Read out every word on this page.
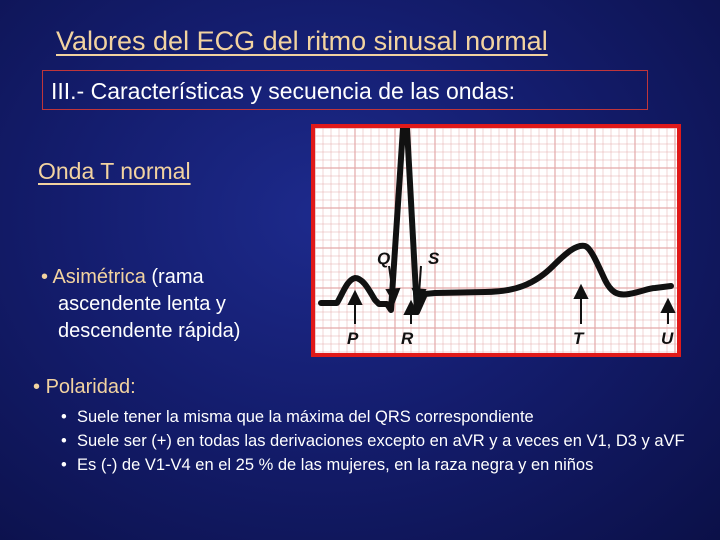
Valores del ECG del ritmo sinusal normal
III.- Características y secuencia de las ondas:
Onda T normal
• Asimétrica (rama
ascendente lenta y
descendente rápida)
Q S
P	R	T	U
• Polaridad:
• Suele tener la misma que la máxima del QRS correspondiente
• Suele ser (+) en todas las derivaciones excepto en aVR y a veces en V1, D3 y aVF
• Es (-) de V1-V4 en el 25 % de las mujeres, en la raza negra y en niños
